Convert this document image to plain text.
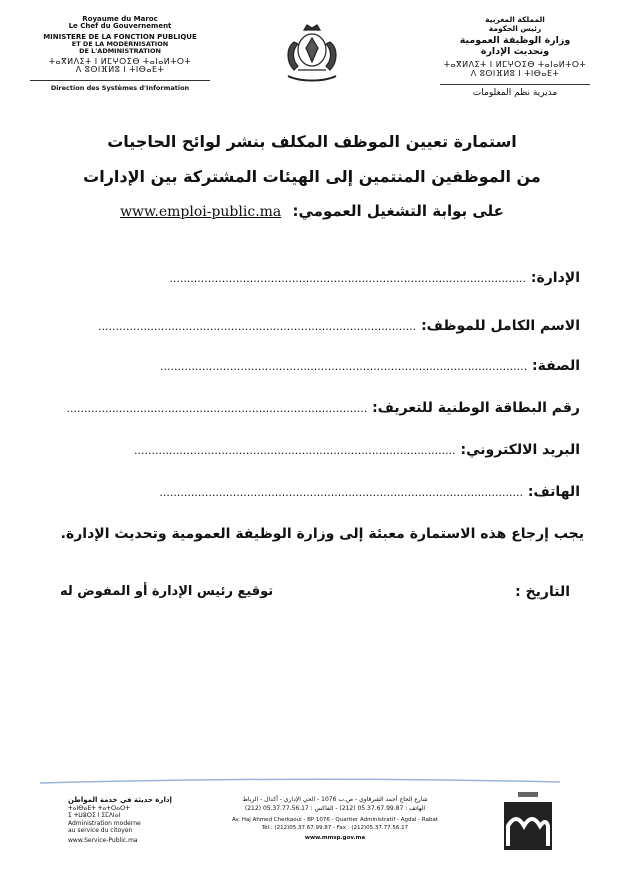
Royaume du Maroc
Le Chef du Gouvernement
MINISTERE DE LA FONCTION PUBLIQUE
ET DE LA MODERNISATION
DE L'ADMINISTRATION
ⵜⴰⴳⵍⴷⵉⵜ ⵏ ⵍⵎⵖⵔⵉⴱ ⵜⴰⵏⴰⵍⵜⵔⵜ
ⴷ ⵓⵙⵏⴼⵍⵓ ⵏ ⵜⵏⴱⴰⴹⵜ
Direction des Systèmes d'Information
المملكة المغربية
رئيس الحكومة
وزارة الوظيفة العمومية
وتحديث الإدارة
ⵜⴰⴳⵍⴷⵉⵜ ⵏ ⵍⵎⵖⵔⵉⴱ ⵜⴰⵏⴰⵍⵜⵔⵜ
ⴷ ⵓⵙⵏⴼⵍⵓ ⵏ ⵜⵏⴱⴰⴹⵜ
مديرية نظم المعلومات
استمارة تعيين الموظف المكلف بنشر لوائح الحاجيات
من الموظفين المنتمين إلى الهيئات المشتركة بين الإدارات
www.emploi-public.ma على بوابة التشغيل العمومي:
الإدارة: ......................................................................................................
الاسم الكامل للموظف: ...........................................................................................
الصفة: .........................................................................................................
رقم البطاقة الوطنية للتعريف: ......................................................................................
البريد الالكتروني: ............................................................................................
الهاتف: ........................................................................................................
يجب إرجاع هذه الاستمارة معبئة إلى وزارة الوظيفة العمومية وتحديث الإدارة.
التاريخ :
توقيع رئيس الإدارة أو المفوض له
إدارة حديثة في خدمة المواطن
ⵜⴰⵏⴱⴰⴹⵜ ⵜⴰⵜⵔⴰⵔⵜ
ⵉ ⵜⵡⵓⵔⵉ ⵏ ⵉⵎⴷⵏⴰⵏ
Administration moderne
au service du citoyen
www.Service-Public.ma
شارع الحاج أحمد الشرقاوي - ص.ب 1076 - الحي الإداري - أكدال - الرباط
الهاتف : 05.37.67.99.87 (212) - الفاكس : 05.37.77.56.17 (212)
Av. Haj Ahmed Cherkaoui - BP 1076 - Quartier Administratif - Agdal - Rabat
Tél.: (212)05.37.67.99.87 - Fax : (212)05.37.77.56.17
www.mmsp.gov.ma
